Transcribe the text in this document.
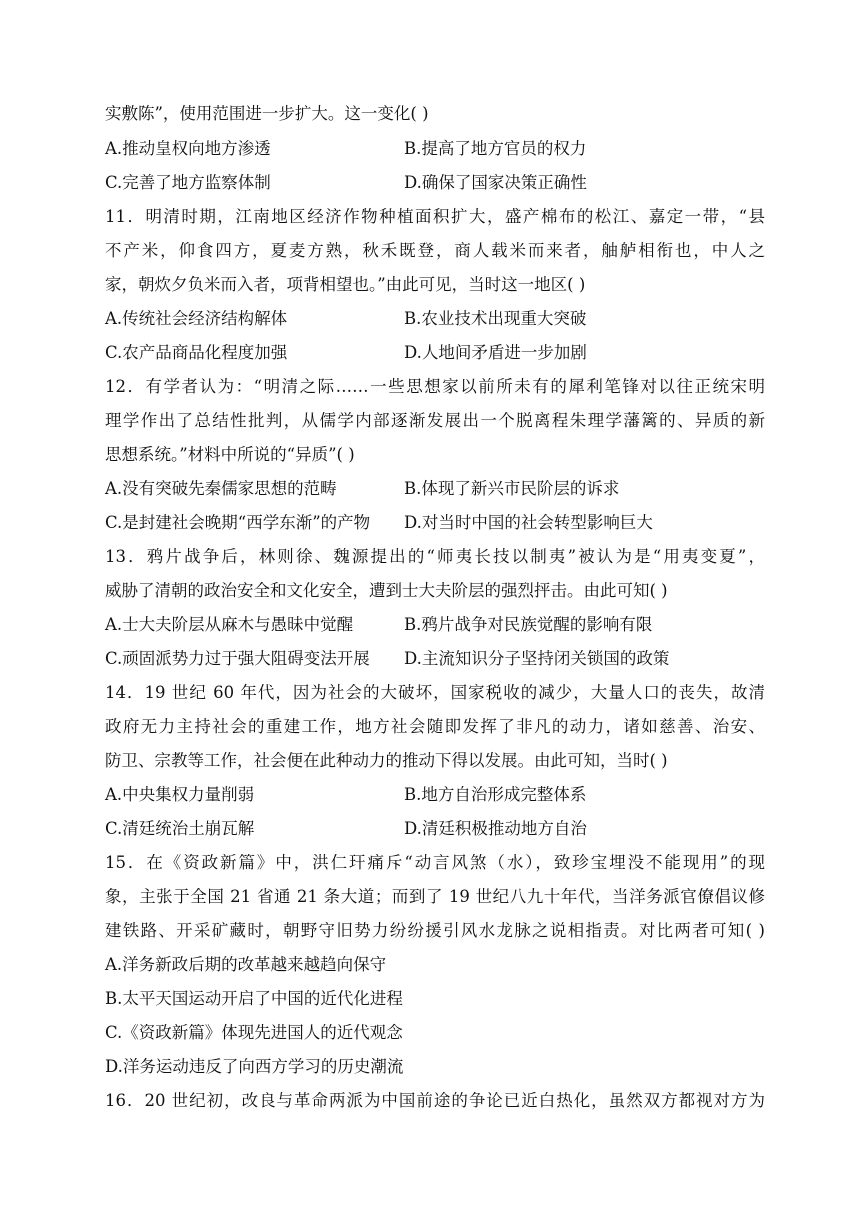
实敷陈”，使用范围进一步扩大。这一变化( )
A.推动皇权向地方渗透	B.提高了地方官员的权力
C.完善了地方监察体制	D.确保了国家决策正确性
11．明清时期，江南地区经济作物种植面积扩大，盛产棉布的松江、嘉定一带，“县
不产米，仰食四方，夏麦方熟，秋禾既登，商人载米而来者，舳舻相衔也，中人之
家，朝炊夕负米而入者，项背相望也。”由此可见，当时这一地区( )
A.传统社会经济结构解体	B.农业技术出现重大突破
C.农产品商品化程度加强	D.人地间矛盾进一步加剧
12．有学者认为：“明清之际……一些思想家以前所未有的犀利笔锋对以往正统宋明
理学作出了总结性批判，从儒学内部逐渐发展出一个脱离程朱理学藩篱的、异质的新
思想系统。”材料中所说的“异质”( )
A.没有突破先秦儒家思想的范畴	B.体现了新兴市民阶层的诉求
C.是封建社会晚期“西学东渐”的产物 D.对当时中国的社会转型影响巨大
13．鸦片战争后，林则徐、魏源提出的“师夷长技以制夷”被认为是“用夷变夏”，
威胁了清朝的政治安全和文化安全，遭到士大夫阶层的强烈抨击。由此可知( )
A.士大夫阶层从麻木与愚昧中觉醒	B.鸦片战争对民族觉醒的影响有限
C.顽固派势力过于强大阻碍变法开展 D.主流知识分子坚持闭关锁国的政策
14．19 世纪 60 年代，因为社会的大破坏，国家税收的减少，大量人口的丧失，故清
政府无力主持社会的重建工作，地方社会随即发挥了非凡的动力，诸如慈善、治安、
防卫、宗教等工作，社会便在此种动力的推动下得以发展。由此可知，当时( )
A.中央集权力量削弱	B.地方自治形成完整体系
C.清廷统治土崩瓦解	D.清廷积极推动地方自治
15．在《资政新篇》中，洪仁玕痛斥“动言风煞（水），致珍宝埋没不能现用”的现
象，主张于全国 21 省通 21 条大道；而到了 19 世纪八九十年代，当洋务派官僚倡议修
建铁路、开采矿藏时，朝野守旧势力纷纷援引风水龙脉之说相指责。对比两者可知( )
A.洋务新政后期的改革越来越趋向保守
B.太平天国运动开启了中国的近代化进程
C.《资政新篇》体现先进国人的近代观念
D.洋务运动违反了向西方学习的历史潮流
16．20 世纪初，改良与革命两派为中国前途的争论已近白热化，虽然双方都视对方为
